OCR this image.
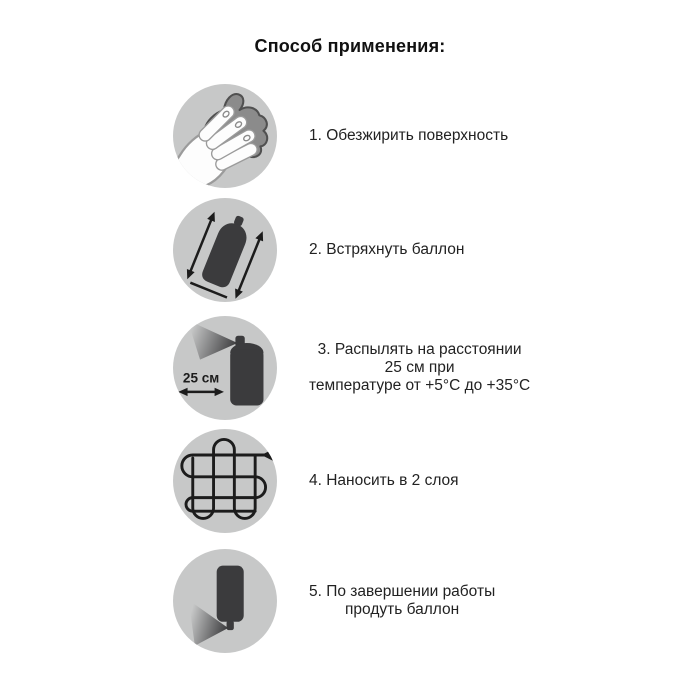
Способ применения:
1. Обезжирить поверхность
2. Встряхнуть баллон
25 см
3. Распылять на расстоянии
25 см при
температуре от +5°С до +35°С
4. Наносить в 2 слоя
5. По завершении работы
продуть баллон
